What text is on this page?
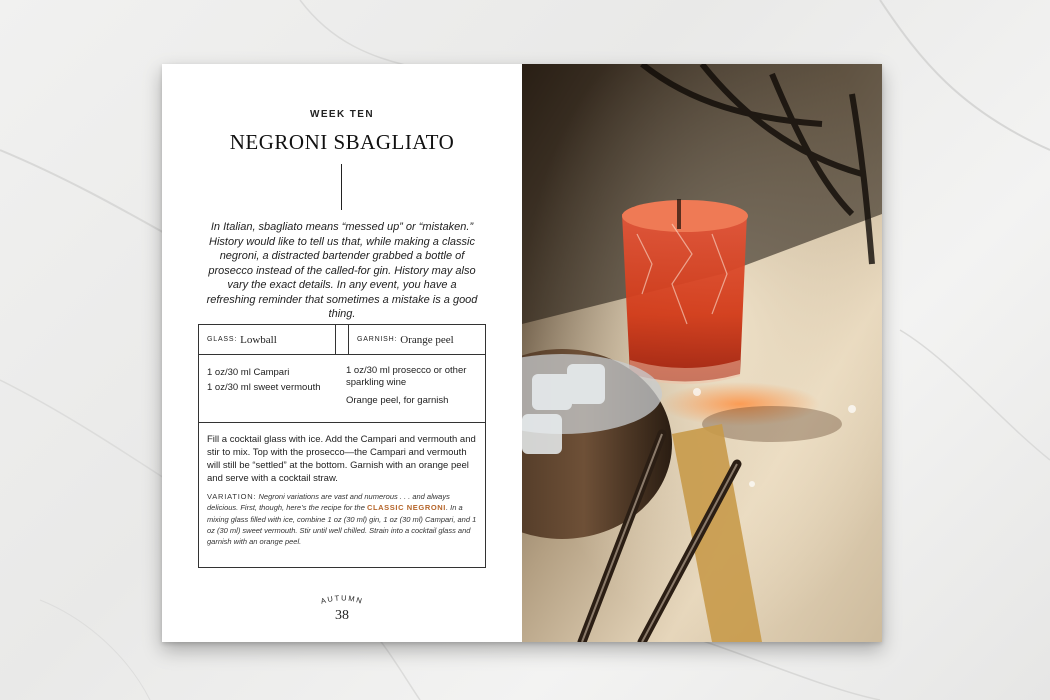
WEEK TEN
NEGRONI SBAGLIATO
In Italian, sbagliato means “messed up” or “mistaken.” History would like to tell us that, while making a classic negroni, a distracted bartender grabbed a bottle of prosecco instead of the called-for gin. History may also vary the exact details. In any event, you have a refreshing reminder that sometimes a mistake is a good thing.
GLASS: Lowball	GARNISH: Orange peel
1 oz/30 ml Campari
1 oz/30 ml sweet vermouth
1 oz/30 ml prosecco or other sparkling wine
Orange peel, for garnish
Fill a cocktail glass with ice. Add the Campari and vermouth and stir to mix. Top with the prosecco—the Campari and vermouth will still be “settled” at the bottom. Garnish with an orange peel and serve with a cocktail straw.
VARIATION: Negroni variations are vast and numerous . . . and always delicious. First, though, here’s the recipe for the CLASSIC NEGRONI. In a mixing glass filled with ice, combine 1 oz (30 ml) gin, 1 oz (30 ml) Campari, and 1 oz (30 ml) sweet vermouth. Stir until well chilled. Strain into a cocktail glass and garnish with an orange peel.
AUTUMN
38
